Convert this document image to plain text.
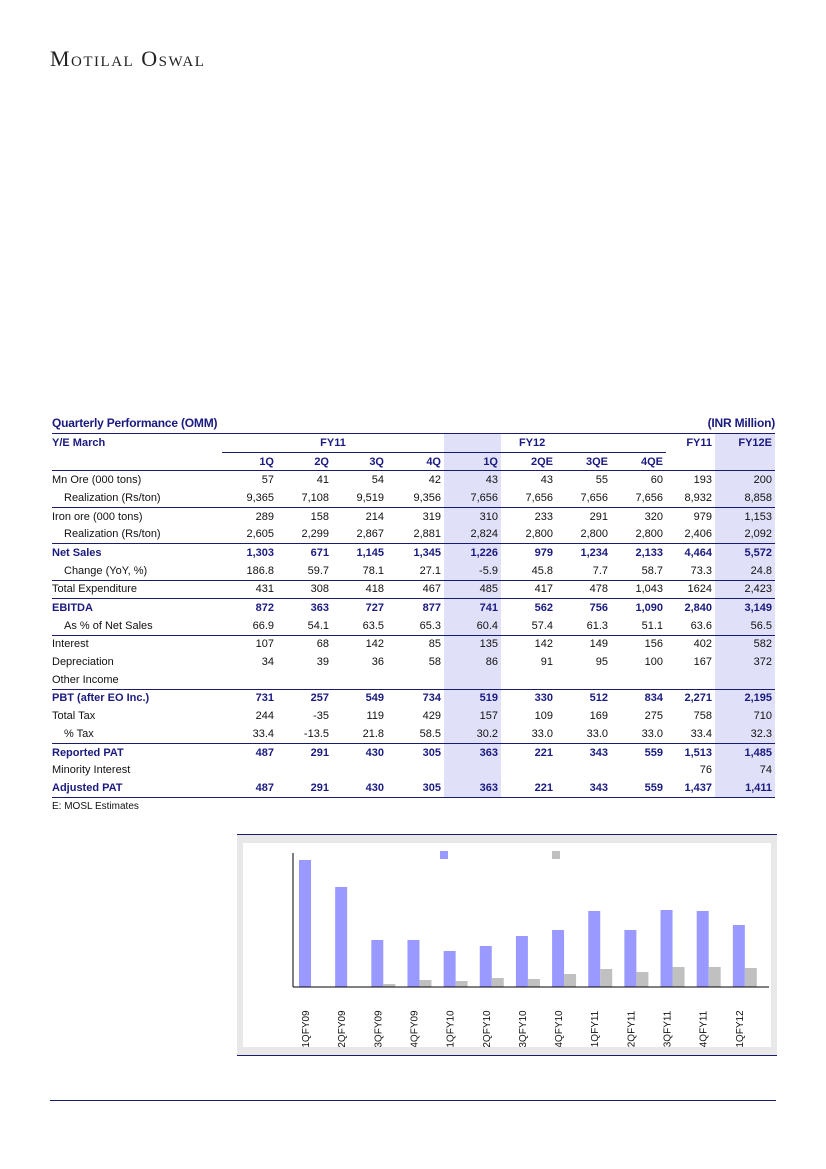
Motilal Oswal
Quarterly Performance (OMM)	(INR Million)
Y/E March	FY11					FY12			FY11	FY12E
	1Q	2Q	3Q	4Q	1Q	2QE	3QE	4QE		
Mn Ore (000 tons)	57	41	54	42	43	43	55	60	193	200
Realization (Rs/ton)	9,365	7,108	9,519	9,356	7,656	7,656	7,656	7,656	8,932	8,858
Iron ore (000 tons)	289	158	214	319	310	233	291	320	979	1,153
Realization (Rs/ton)	2,605	2,299	2,867	2,881	2,824	2,800	2,800	2,800	2,406	2,092
Net Sales	1,303	671	1,145	1,345	1,226	979	1,234	2,133	4,464	5,572
Change (YoY, %)	186.8	59.7	78.1	27.1	-5.9	45.8	7.7	58.7	73.3	24.8
Total Expenditure	431	308	418	467	485	417	478	1,043	1624	2,423
EBITDA	872	363	727	877	741	562	756	1,090	2,840	3,149
As % of Net Sales	66.9	54.1	63.5	65.3	60.4	57.4	61.3	51.1	63.6	56.5
Interest	107	68	142	85	135	142	149	156	402	582
Depreciation	34	39	36	58	86	91	95	100	167	372
Other Income										
PBT (after EO Inc.)	731	257	549	734	519	330	512	834	2,271	2,195
Total Tax	244	-35	119	429	157	109	169	275	758	710
% Tax	33.4	-13.5	21.8	58.5	30.2	33.0	33.0	33.0	33.4	32.3
Reported PAT	487	291	430	305	363	221	343	559	1,513	1,485
Minority Interest									76	74
Adjusted PAT	487	291	430	305	363	221	343	559	1,437	1,411
E: MOSL Estimates
1QFY09	2QFY09	3QFY09	4QFY09	1QFY10	2QFY10	3QFY10	4QFY10	1QFY11	2QFY11	3QFY11	4QFY11	1QFY12
